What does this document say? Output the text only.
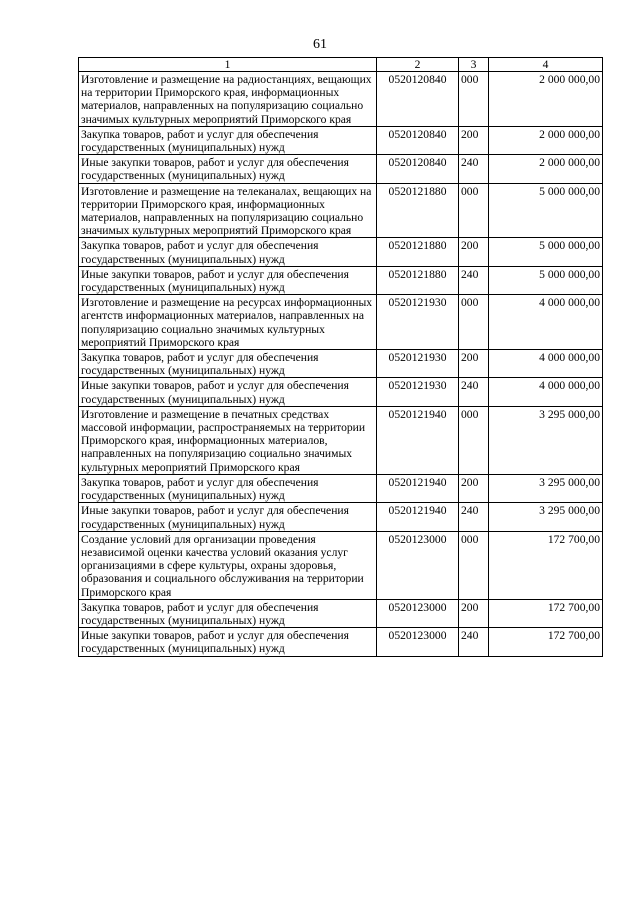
61
1	2	3	4
Изготовление и размещение на радиостанциях, вещающих на территории Приморского края, информационных материалов, направленных на популяризацию социально значимых культурных мероприятий Приморского края	0520120840	000	2 000 000,00
Закупка товаров, работ и услуг для обеспечения государственных (муниципальных) нужд	0520120840	200	2 000 000,00
Иные закупки товаров, работ и услуг для обеспечения государственных (муниципальных) нужд	0520120840	240	2 000 000,00
Изготовление и размещение на телеканалах, вещающих на территории Приморского края, информационных материалов, направленных на популяризацию социально значимых культурных мероприятий Приморского края	0520121880	000	5 000 000,00
Закупка товаров, работ и услуг для обеспечения государственных (муниципальных) нужд	0520121880	200	5 000 000,00
Иные закупки товаров, работ и услуг для обеспечения государственных (муниципальных) нужд	0520121880	240	5 000 000,00
Изготовление и размещение на ресурсах информационных агентств информационных материалов, направленных на популяризацию социально значимых культурных мероприятий Приморского края	0520121930	000	4 000 000,00
Закупка товаров, работ и услуг для обеспечения государственных (муниципальных) нужд	0520121930	200	4 000 000,00
Иные закупки товаров, работ и услуг для обеспечения государственных (муниципальных) нужд	0520121930	240	4 000 000,00
Изготовление и размещение в печатных средствах массовой информации, распространяемых на территории Приморского края, информационных материалов, направленных на популяризацию социально значимых культурных мероприятий Приморского края	0520121940	000	3 295 000,00
Закупка товаров, работ и услуг для обеспечения государственных (муниципальных) нужд	0520121940	200	3 295 000,00
Иные закупки товаров, работ и услуг для обеспечения государственных (муниципальных) нужд	0520121940	240	3 295 000,00
Создание условий для организации проведения независимой оценки качества условий оказания услуг организациями в сфере культуры, охраны здоровья, образования и социального обслуживания на территории Приморского края	0520123000	000	172 700,00
Закупка товаров, работ и услуг для обеспечения государственных (муниципальных) нужд	0520123000	200	172 700,00
Иные закупки товаров, работ и услуг для обеспечения государственных (муниципальных) нужд	0520123000	240	172 700,00
